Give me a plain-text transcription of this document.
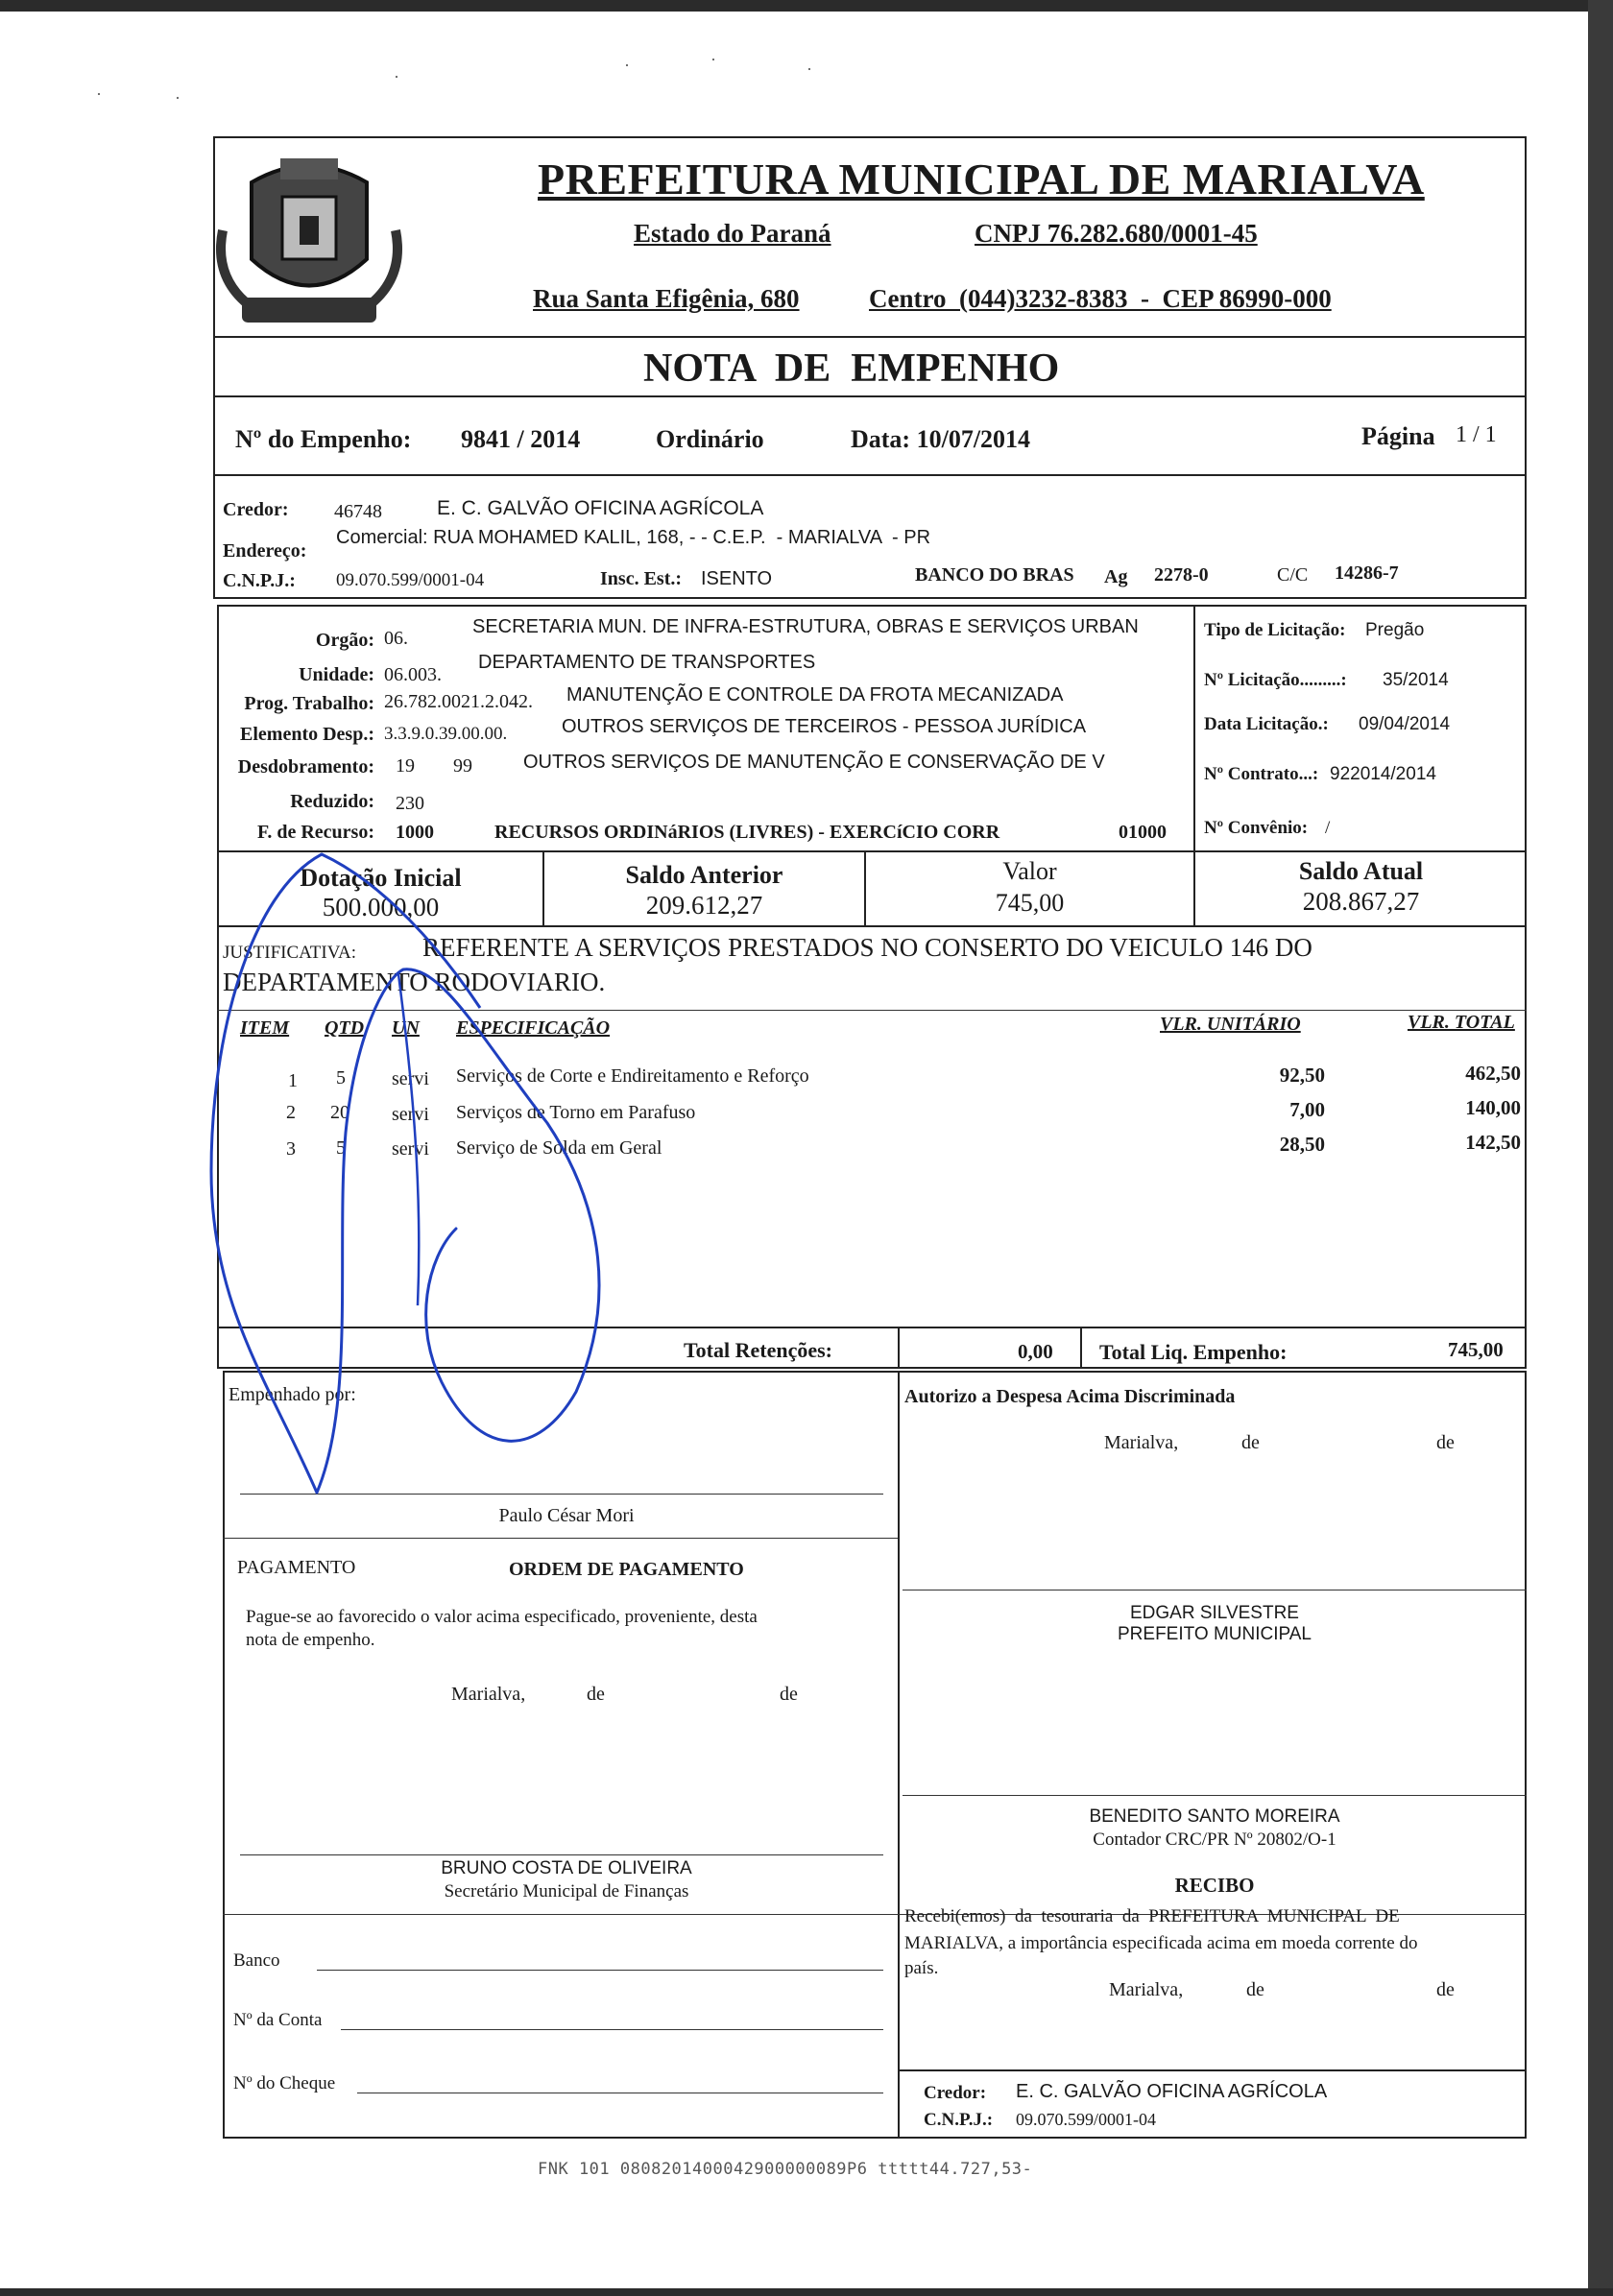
·	·
·
·	·	·
PREFEITURA MUNICIPAL DE MARIALVA
Estado do Paraná	CNPJ 76.282.680/0001-45
Rua Santa Efigênia, 680	Centro  (044)3232-8383  -  CEP 86990-000
NOTA  DE  EMPENHO
Nº do Empenho: 9841 / 2014	Ordinário	Data: 10/07/2014	Página 1 / 1
Credor: 46748	E. C. GALVÃO OFICINA AGRÍCOLA
Endereço:
Comercial: RUA MOHAMED KALIL, 168, - - C.E.P.  - MARIALVA  - PR
C.N.P.J.: 09.070.599/0001-04	Insc. Est.: ISENTO	BANCO DO BRAS Ag 2278-0	C/C 14286-7
Orgão: 06.
SECRETARIA MUN. DE INFRA-ESTRUTURA, OBRAS E SERVIÇOS URBAN
Unidade: 06.003.
DEPARTAMENTO DE TRANSPORTES
Prog. Trabalho: 26.782.0021.2.042. MANUTENÇÃO E CONTROLE DA FROTA MECANIZADA
Elemento Desp.: 3.3.9.0.39.00.00.	OUTROS SERVIÇOS DE TERCEIROS - PESSOA JURÍDICA
Desdobramento: 19 99	OUTROS SERVIÇOS DE MANUTENÇÃO E CONSERVAÇÃO DE V
Reduzido: 230
F. de Recurso: 1000	RECURSOS ORDINáRIOS (LIVRES) - EXERCíCIO CORR	01000
Tipo de Licitação: Pregão
Nº Licitação.........: 35/2014
Data Licitação.: 09/04/2014
Nº Contrato...: 922014/2014
Nº Convênio: /
Dotação Inicial
500.000,00
Saldo Anterior
209.612,27
Valor
745,00
Saldo Atual
208.867,27
JUSTIFICATIVA:	REFERENTE A SERVIÇOS PRESTADOS NO CONSERTO DO VEICULO 146 DO
DEPARTAMENTO RODOVIARIO.
ITEM QTD UN ESPECIFICAÇÃO	VLR. UNITÁRIO	VLR. TOTAL
1 5 servi Serviços de Corte e Endireitamento e Reforço	92,50	462,50
2 20 servi Serviços de Torno em Parafuso	7,00	140,00
3 5 servi Serviço de Solda em Geral	28,50	142,50
Total Retenções:	0,00 Total Liq. Empenho:	745,00
Empenhado por:
Paulo César Mori
Autorizo a Despesa Acima Discriminada
Marialva,	de	de
PAGAMENTO	ORDEM DE PAGAMENTO
Pague-se ao favorecido o valor acima especificado, proveniente, desta
nota de empenho.
Marialva,	de	de
EDGAR SILVESTRE
PREFEITO MUNICIPAL
BENEDITO SANTO MOREIRA
Contador CRC/PR Nº 20802/O-1
RECIBO
Recebi(emos)  da  tesouraria  da  PREFEITURA  MUNICIPAL  DE
MARIALVA, a importância especificada acima em moeda corrente do
país.
Marialva,	de	de
BRUNO COSTA DE OLIVEIRA
Secretário Municipal de Finanças
Banco
Nº da Conta
Nº do Cheque	Credor: E. C. GALVÃO OFICINA AGRÍCOLA
C.N.P.J.: 09.070.599/0001-04
FNK 101 0808201400042900000089P6 ttttt44.727,53-
